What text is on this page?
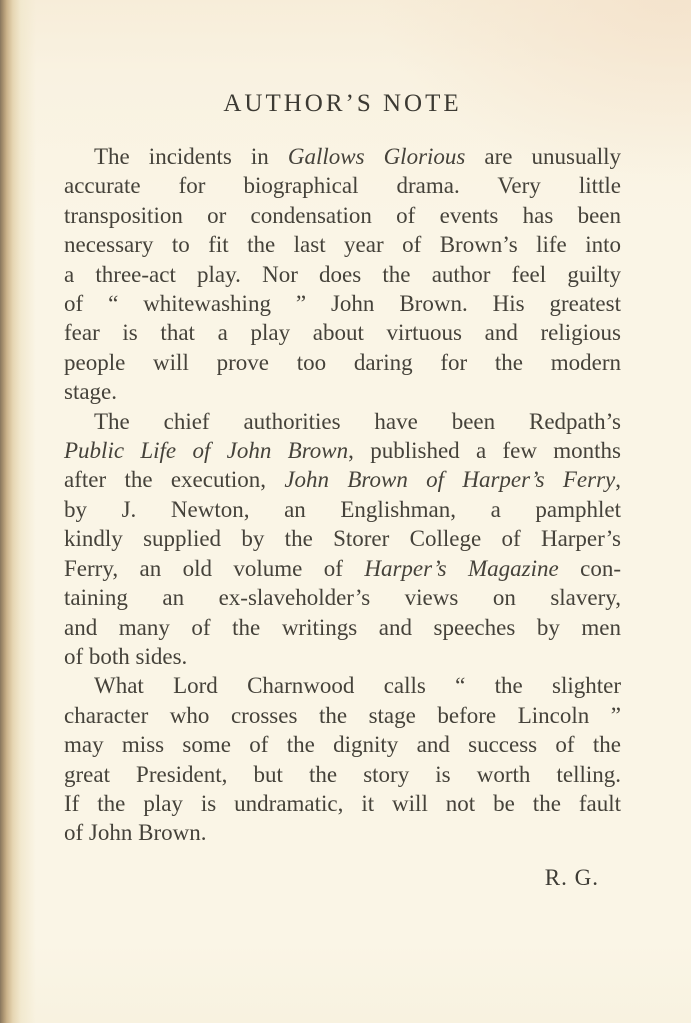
AUTHOR’S NOTE
The incidents in Gallows Glorious are unusually
accurate for biographical drama. Very little
transposition or condensation of events has been
necessary to fit the last year of Brown’s life into
a three-act play. Nor does the author feel guilty
of “ whitewashing ” John Brown. His greatest
fear is that a play about virtuous and religious
people will prove too daring for the modern
stage.
The chief authorities have been Redpath’s
Public Life of John Brown, published a few months
after the execution, John Brown of Harper’s Ferry,
by J. Newton, an Englishman, a pamphlet
kindly supplied by the Storer College of Harper’s
Ferry, an old volume of Harper’s Magazine con-
taining an ex-slaveholder’s views on slavery,
and many of the writings and speeches by men
of both sides.
What Lord Charnwood calls “ the slighter
character who crosses the stage before Lincoln ”
may miss some of the dignity and success of the
great President, but the story is worth telling.
If the play is undramatic, it will not be the fault
of John Brown.
R. G.
